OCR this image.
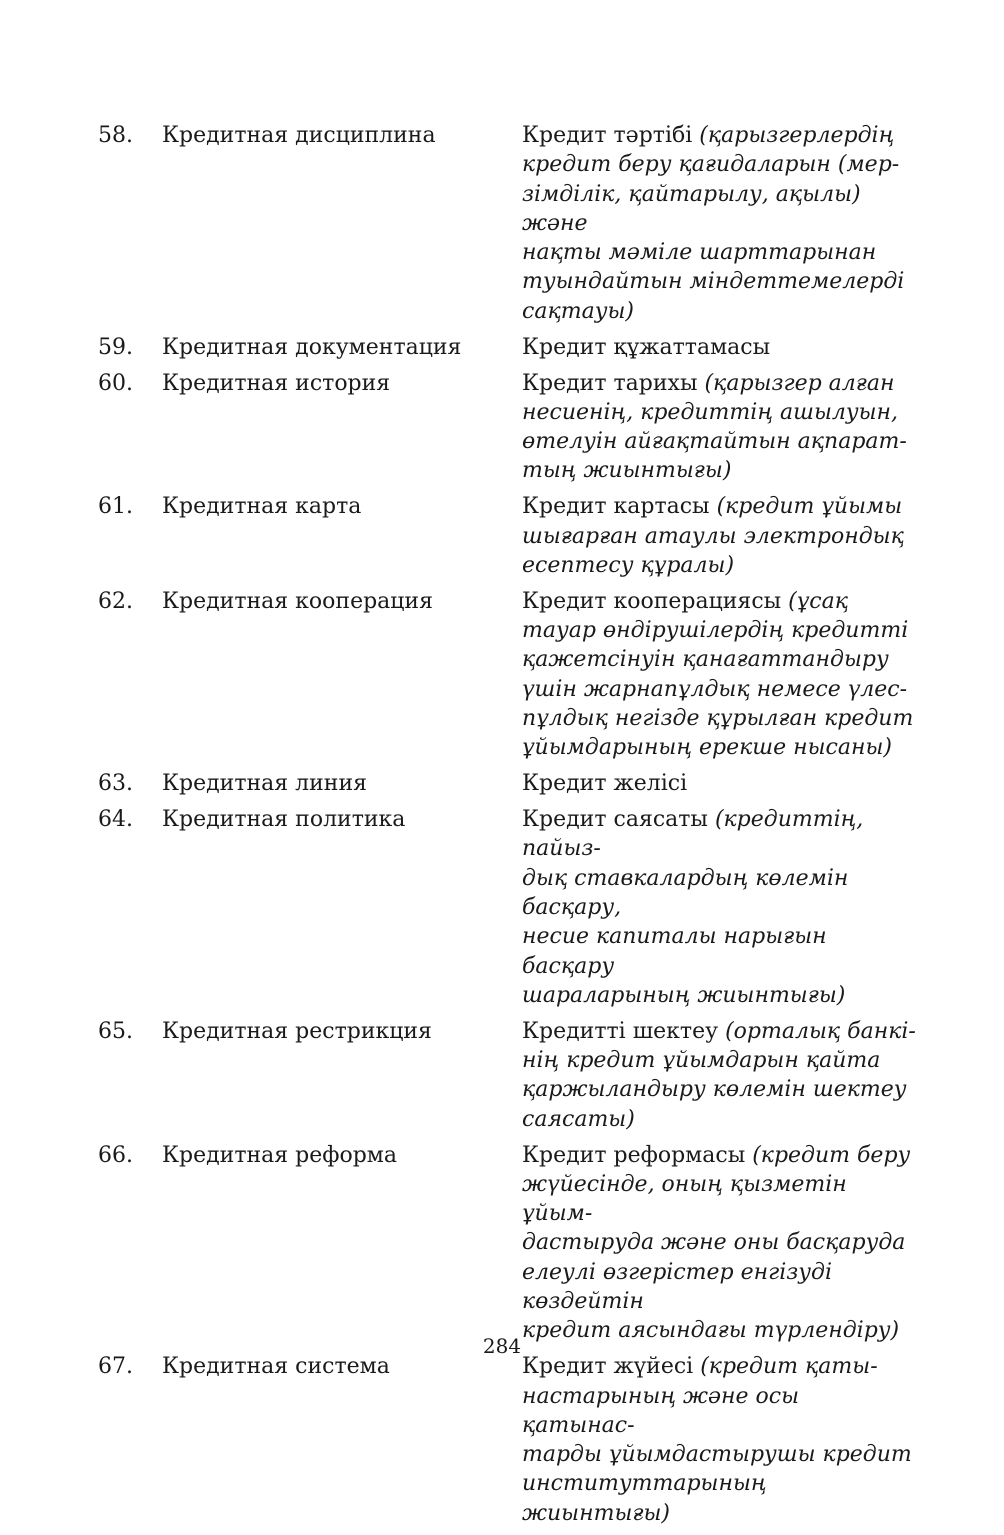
58.	Кредитная дисциплина	Кредит тәртібі (қарызгерлердің
кредит беру қағидаларын (мер-
зімділік, қайтарылу, ақылы) және
нақты мәміле шарттарынан
туындайтын міндеттемелерді
сақтауы)
59.	Кредитная документация	Кредит құжаттамасы
60.	Кредитная история	Кредит тарихы (қарызгер алған
несиенің, кредиттің ашылуын,
өтелуін айғақтайтын ақпарат-
тың жиынтығы)
61.	Кредитная карта	Кредит картасы (кредит ұйымы
шығарған атаулы электрондық
есептесу құралы)
62.	Кредитная кооперация	Кредит кооперациясы (ұсақ
тауар өндірушілердің кредитті
қажетсінуін қанағаттандыру
үшін жарнапұлдық немесе үлес-
пұлдық негізде құрылған кредит
ұйымдарының ерекше нысаны)
63.	Кредитная линия	Кредит желісі
64.	Кредитная политика	Кредит саясаты (кредиттің, пайыз-
дық ставкалардың көлемін басқару,
несие капиталы нарығын басқару
шараларының жиынтығы)
65.	Кредитная рестрикция	Кредитті шектеу (орталық банкі-
нің кредит ұйымдарын қайта
қаржыландыру көлемін шектеу
саясаты)
66.	Кредитная реформа	Кредит реформасы (кредит беру
жүйесінде, оның қызметін ұйым-
дастыруда және оны басқаруда
елеулі өзгерістер енгізуді көздейтін
кредит аясындағы түрлендіру)
67.	Кредитная система	Кредит жүйесі (кредит қаты-
настарының және осы қатынас-
тарды ұйымдастырушы кредит
институттарының жиынтығы)
284
